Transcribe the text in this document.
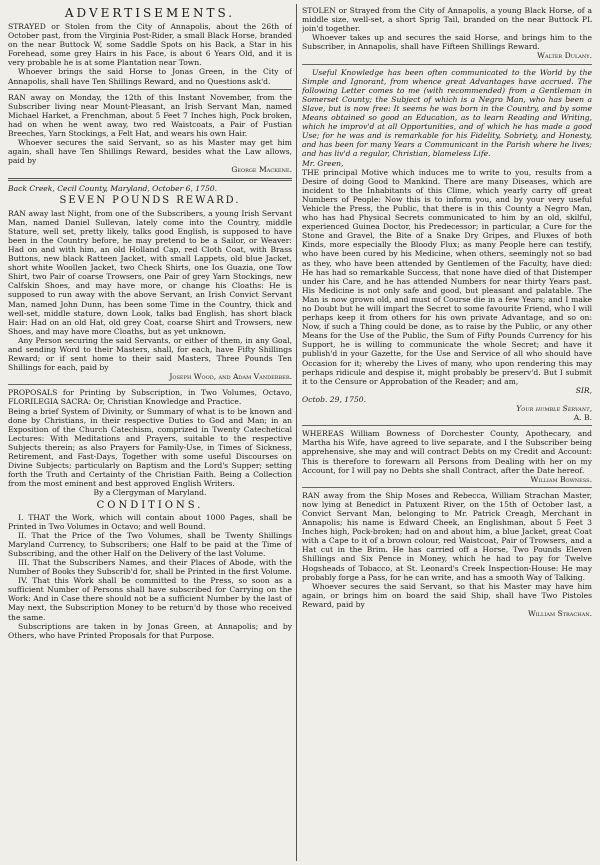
ADVERTISEMENTS.

STRAYED or Stolen from the City of Annapolis, about the 26th of October past, from the Virginia Post-Rider, a small Black Horse, branded on the near Buttock W, some Saddle Spots on his Back, a Star in his Forehead, some grey Hairs in his Face, is about 6 Years Old, and it is very probable he is at some Plantation near Town.

Whoever brings the said Horse to Jonas Green, in the City of Annapolis, shall have Ten Shillings Reward, and no Questions ask'd.

RAN away on Monday, the 12th of this Instant November, from the Subscriber living near Mount-Pleasant, an Irish Servant Man, named Michael Harket, a Frenchman, about 5 Feet 7 Inches high, Pock broken, had on when he went away, two red Waistcoats, a Pair of Fustian Breeches, Yarn Stockings, a Felt Hat, and wears his own Hair.

Whoever secures the said Servant, so as his Master may get him again, shall have Ten Shillings Reward, besides what the Law allows, paid by

George Mackene.

Back Creek, Cecil County, Maryland, October 6, 1750.

SEVEN POUNDS REWARD.

RAN away last Night, from one of the Subscribers, a young Irish Servant Man, named Daniel Sullevan, lately come into the Country, middle Stature, well set, pretty likely, talks good English, is supposed to have been in the Country before, he may pretend to be a Sailor, or Weaver: Had on and with him, an old Holland Cap, red Cloth Coat, with Brass Buttons, new black Ratteen Jacket, with small Lappets, old blue Jacket, short white Woollen Jacket, two Check Shirts, one Ios Guazia, one Tow Shirt, two Pair of coarse Trowsers, one Pair of grey Yarn Stockings, new Calfskin Shoes, and may have more, or change his Cloaths: He is supposed to run away with the above Servant, an Irish Convict Servant Man, named John Dunn, has been some Time in the Country, thick and well-set, middle stature, down Look, talks bad English, has short black Hair: Had on an old Hat, old grey Coat, coarse Shirt and Trowsers, new Shoes, and may have more Cloaths, but as yet unknown.

Any Person securing the said Servants, or either of them, in any Goal, and sending Word to their Masters, shall, for each, have Fifty Shillings Reward; or if sent home to their said Masters, Three Pounds Ten Shillings for each, paid by

Joseph Wood, and Adam Vanderber.

PROPOSALS for Printing by Subscription, in Two Volumes, Octavo, FLORILEGIA SACRA: Or, Christian Knowledge and Practice.

Being a brief System of Divinity, or Summary of what is to be known and done by Christians, in their respective Duties to God and Man; in an Exposition of the Church Catechism, comprized in Twenty Catechetical Lectures: With Meditations and Prayers, suitable to the respective Subjects therein; as also Prayers for Family-Use, in Times of Sickness, Retirement, and Fast-Days, Together with some useful Discourses on Divine Subjects; particularly on Baptism and the Lord's Supper; setting forth the Truth and Certainty of the Christian Faith. Being a Collection from the most eminent and best approved English Writers.

By a Clergyman of Maryland.

CONDITIONS.

I. THAT the Work, which will contain about 1000 Pages, shall be Printed in Two Volumes in Octavo; and well Bound.

II. That the Price of the Two Volumes, shall be Twenty Shillings Maryland Currency, to Subscribers; one Half to be paid at the Time of Subscribing, and the other Half on the Delivery of the last Volume.

III. That the Subscribers Names, and their Places of Abode, with the Number of Books they Subscrib'd for, shall be Printed in the first Volume.

IV. That this Work shall be committed to the Press, so soon as a sufficient Number of Persons shall have subscribed for Carrying on the Work: And in Case there should not be a sufficient Number by the last of May next, the Subscription Money to be return'd by those who received the same.

Subscriptions are taken in by Jonas Green, at Annapolis; and by Others, who have Printed Proposals for that Purpose.

STOLEN or Strayed from the City of Annapolis, a young Black Horse, of a middle size, well-set, a short Sprig Tail, branded on the near Buttock PL join'd together.

Whoever takes up and secures the said Horse, and brings him to the Subscriber, in Annapolis, shall have Fifteen Shillings Reward.

Walter Dulany.

Useful Knowledge has been often communicated to the World by the Simple and Ignorant, from whence great Advantages have accrued. The following Letter comes to me (with recommended) from a Gentleman in Somerset County; the Subject of which is a Negro Man, who has been a Slave, but is now free: It seems he was born in the Country, and by some Means obtained so good an Education, as to learn Reading and Writing, which he improv'd at all Opportunities, and of which he has made a good Use; for he was and is remarkable for his Fidelity, Sobriety, and Honesty, and has been for many Years a Communicant in the Parish where he lives; and has liv'd a regular, Christian, blameless Life.

Mr. Green,

THE principal Motive which induces me to write to you, results from a Desire of doing Good to Mankind. There are many Diseases, which are incident to the Inhabitants of this Clime, which yearly carry off great Numbers of People: Now this is to inform you, and by your very useful Vehicle the Press, the Public, that there is in this County a Negro Man, who has had Physical Secrets communicated to him by an old, skilful, experienced Guinea Doctor, his Predecessor; in particular, a Cure for the Stone and Gravel, the Bite of a Snake Dry Gripes, and Fluxes of both Kinds, more especially the Bloody Flux; as many People here can testify, who have been cured by his Medicine, when others, seemingly not so bad as they, who have been attended by Gentlemen of the Faculty, have died: He has had so remarkable Success, that none have died of that Distemper under his Care, and he has attended Numbers for near thirty Years past. His Medicine is not only safe and good, but pleasant and palatable. The Man is now grown old, and must of Course die in a few Years; and I make no Doubt but he will impart the Secret to some favourite Friend, who I will perhaps keep it from others for his own private Advantage, and so on: Now, if such a Thing could be done, as to raise by the Public, or any other Means for the Use of the Public, the Sum of Fifty Pounds Currency for his Support, he is willing to communicate the whole Secret; and have it publish'd in your Gazette, for the Use and Service of all who should have Occasion for it; whereby the Lives of many, who upon rendering this may perhaps ridicule and despise it, might probably be preserv'd. But I submit it to the Censure or Approbation of the Reader; and am,

SIR,

Octob. 29, 1750.

Your humble Servant,

A. B.

WHEREAS William Bowness of Dorchester County, Apothecary, and Martha his Wife, have agreed to live separate, and I the Subscriber being apprehensive, she may and will contract Debts on my Credit and Account: This is therefore to forewarn all Persons from Dealing with her on my Account, for I will pay no Debts she shall Contract, after the Date hereof.

William Bowness.

RAN away from the Ship Moses and Rebecca, William Strachan Master, now lying at Benedict in Patuxent River, on the 15th of October last, a Convict Servant Man, belonging to Mr. Patrick Creagh, Merchant in Annapolis; his name is Edward Cheek, an Englishman, about 5 Feet 3 Inches high, Pock-broken; had on and about him, a blue Jacket, great Coat with a Cape to it of a brown colour, red Waistcoat, Pair of Trowsers, and a Hat cut in the Brim. He has carried off a Horse, Two Pounds Eleven Shillings and Six Pence in Money, which he had to pay for Twelve Hogsheads of Tobacco, at St. Leonard's Creek Inspection-House: He may probably forge a Pass, for he can write, and has a smooth Way of Talking.

Whoever secures the said Servant, so that his Master may have him again, or brings him on board the said Ship, shall have Two Pistoles Reward, paid by

William Strachan.
